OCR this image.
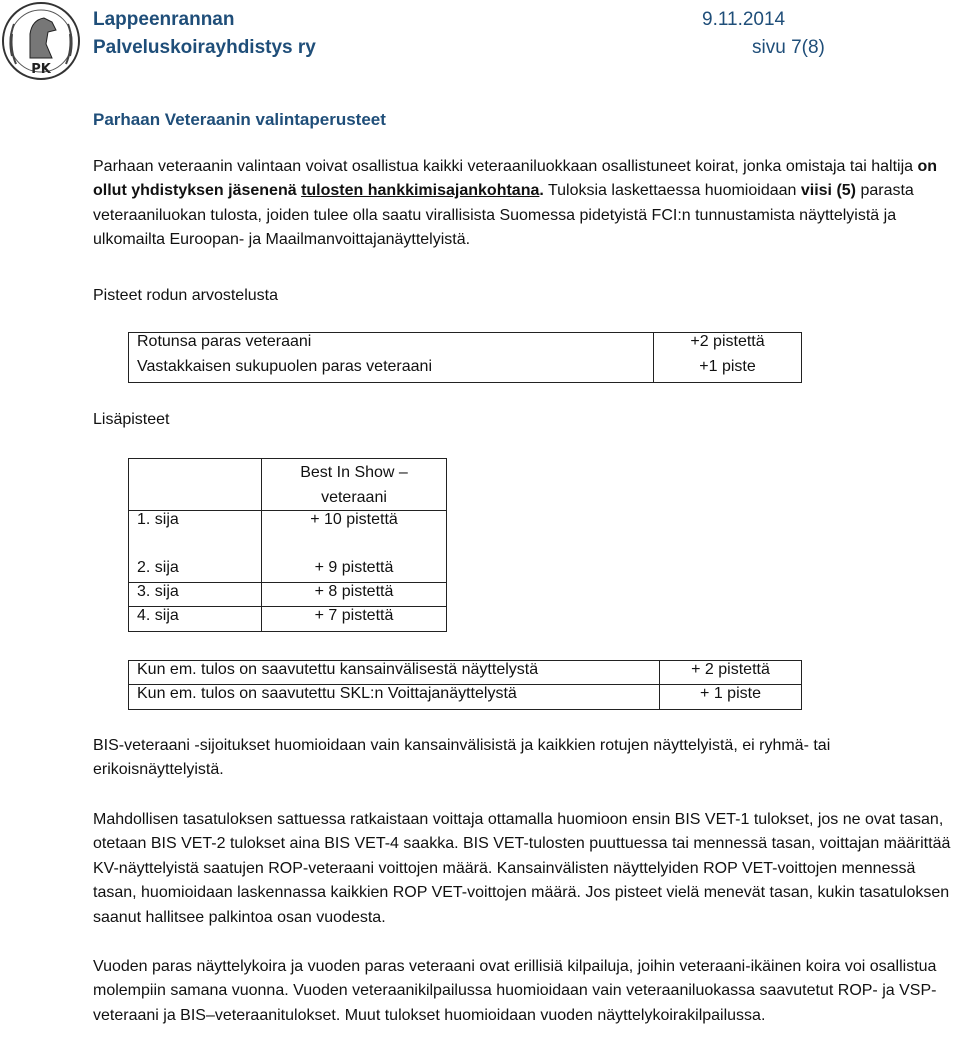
PK
Lappeenrannan
Palveluskoirayhdistys ry
9.11.2014
sivu 7(8)
Parhaan Veteraanin valintaperusteet

Parhaan veteraanin valintaan voivat osallistua kaikki veteraaniluokkaan osallistuneet koirat, jonka omistaja tai haltija on ollut yhdistyksen jäsenenä tulosten hankkimisajankohtana. Tuloksia laskettaessa huomioidaan viisi (5) parasta veteraaniluokan tulosta, joiden tulee olla saatu virallisista Suomessa pidetyistä FCI:n tunnustamista näyttelyistä ja ulkomailta Euroopan- ja Maailmanvoittajanäyttelyistä.

Pisteet rodun arvostelusta
Rotunsa paras veteraani	+2 pistettä
Vastakkaisen sukupuolen paras veteraani	+1 piste
Lisäpisteet
	Best In Show –
veteraani
1. sija	+ 10 pistettä
2. sija	+ 9 pistettä
3. sija	+ 8 pistettä
4. sija	+ 7 pistettä
Kun em. tulos on saavutettu kansainvälisestä näyttelystä	+ 2 pistettä
Kun em. tulos on saavutettu SKL:n Voittajanäyttelystä	+ 1 piste

BIS-veteraani -sijoitukset huomioidaan vain kansainvälisistä ja kaikkien rotujen näyttelyistä, ei ryhmä- tai erikoisnäyttelyistä.

Mahdollisen tasatuloksen sattuessa ratkaistaan voittaja ottamalla huomioon ensin BIS VET-1 tulokset, jos ne ovat tasan, otetaan BIS VET-2 tulokset aina BIS VET-4 saakka. BIS VET-tulosten puuttuessa tai mennessä tasan, voittajan määrittää KV-näyttelyistä saatujen ROP-veteraani voittojen määrä. Kansainvälisten näyttelyiden ROP VET-voittojen mennessä tasan, huomioidaan laskennassa kaikkien ROP VET-voittojen määrä. Jos pisteet vielä menevät tasan, kukin tasatuloksen saanut hallitsee palkintoa osan vuodesta.

Vuoden paras näyttelykoira ja vuoden paras veteraani ovat erillisiä kilpailuja, joihin veteraani-ikäinen koira voi osallistua molempiin samana vuonna. Vuoden veteraanikilpailussa huomioidaan vain veteraaniluokassa saavutetut ROP- ja VSP- veteraani ja BIS–veteraanitulokset. Muut tulokset huomioidaan vuoden näyttelykoirakilpailussa.
